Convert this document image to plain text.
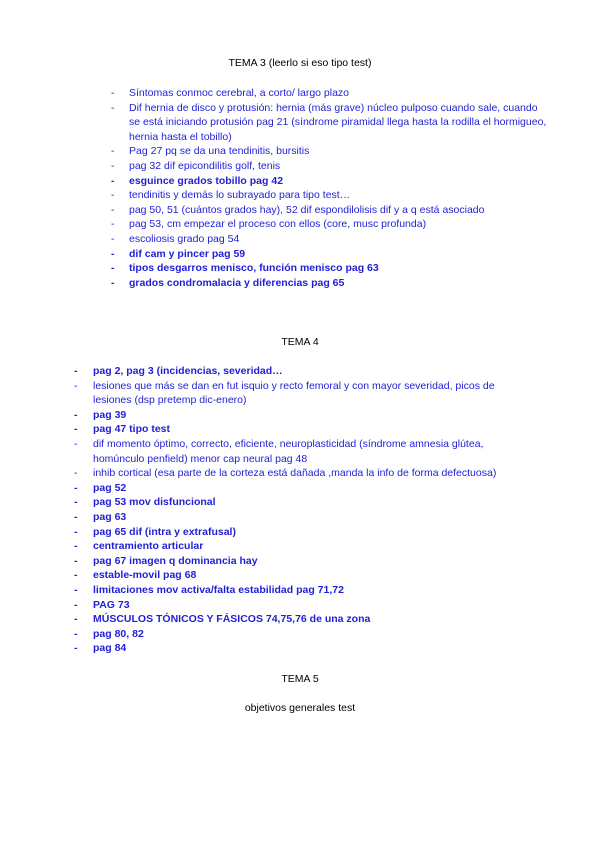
TEMA 3 (leerlo si eso tipo test)
- Síntomas conmoc cerebral, a corto/ largo plazo
- Dif hernia de disco y protusión: hernia (más grave) núcleo pulposo cuando sale, cuando se está iniciando protusión pag 21 (síndrome piramidal llega hasta la rodilla el hormigueo, hernia hasta el tobillo)
- Pag 27 pq se da una tendinitis, bursitis
- pag 32 dif epicondilitis golf, tenis
- esguince grados tobillo pag 42
- tendinitis y demás lo subrayado para tipo test…
- pag 50, 51 (cuántos grados hay), 52 dif espondilolisis dif y a q está asociado
- pag 53, cm empezar el proceso con ellos (core, musc profunda)
- escoliosis grado pag 54
- dif cam y pincer pag 59
- tipos desgarros menisco, función menisco pag 63
- grados condromalacia y diferencias pag 65
TEMA 4
- pag 2, pag 3 (incidencias, severidad…
- lesiones que más se dan en fut isquio y recto femoral y con mayor severidad, picos de lesiones (dsp pretemp dic-enero)
- pag 39
- pag 47 tipo test
- dif momento óptimo, correcto, eficiente, neuroplasticidad (síndrome amnesia glútea, homúnculo penfield) menor cap neural pag 48
- inhib cortical (esa parte de la corteza está dañada ,manda la info de forma defectuosa)
- pag 52
- pag 53 mov disfuncional
- pag 63
- pag 65 dif (intra y extrafusal)
- centramiento articular
- pag 67 imagen q dominancia hay
- estable-movil pag 68
- limitaciones mov activa/falta estabilidad pag 71,72
- PAG 73
- MÚSCULOS TÓNICOS Y FÁSICOS 74,75,76 de una zona
- pag 80, 82
- pag 84
TEMA 5
objetivos generales test
